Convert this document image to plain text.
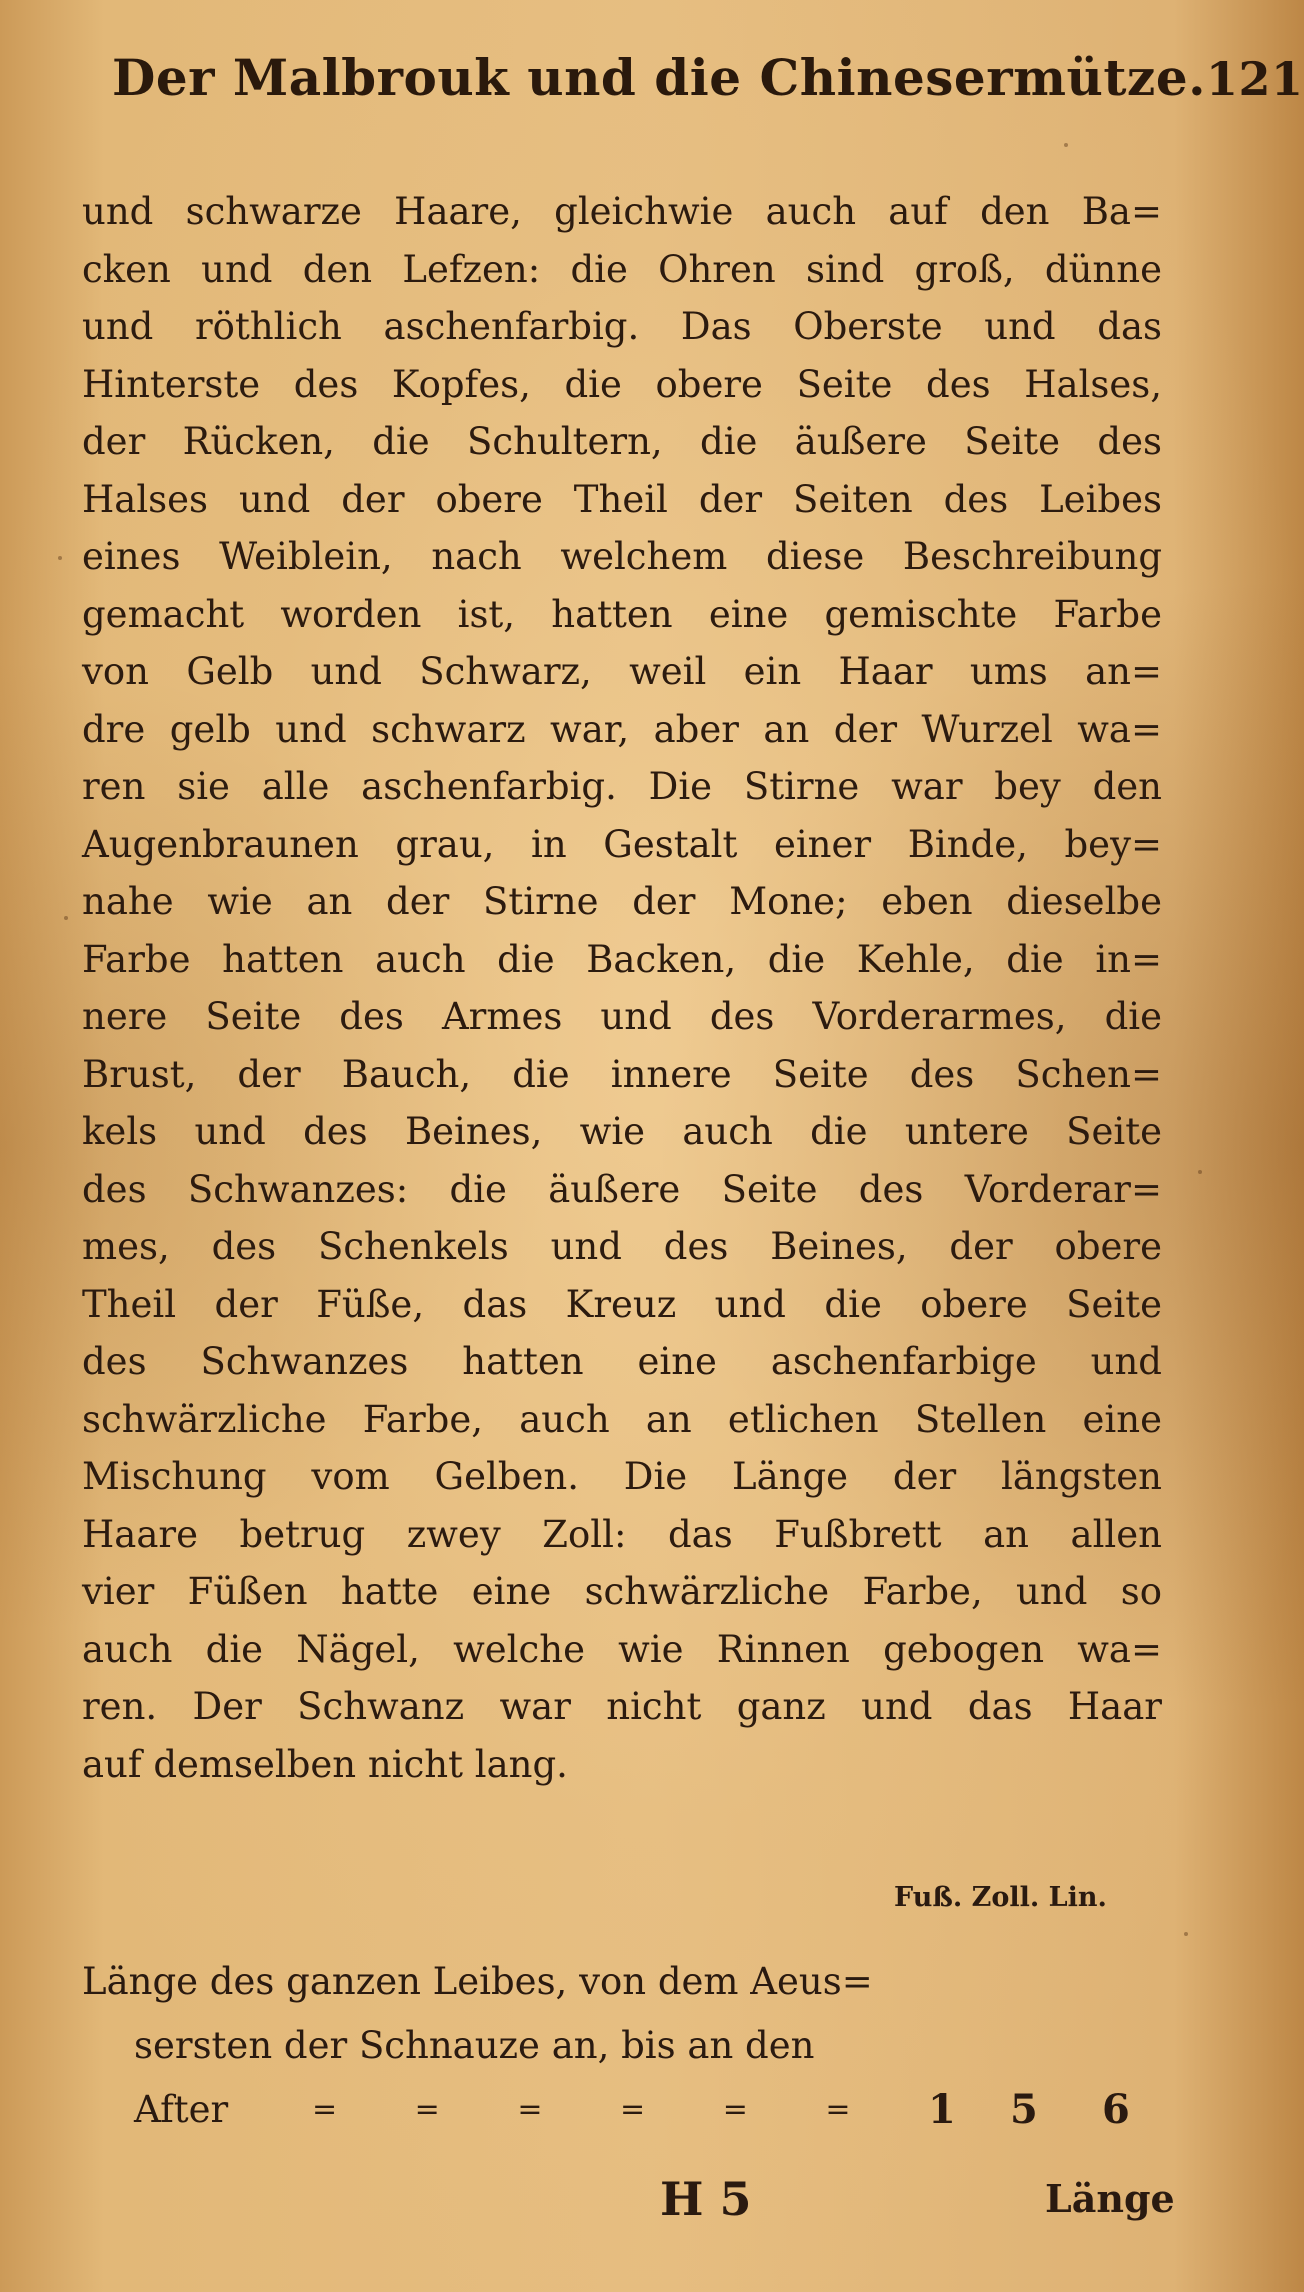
Der Malbrouk und die Chinesermütze. 121
und schwarze Haare, gleichwie auch auf den Ba=
cken und den Lefzen: die Ohren sind groß, dünne
und röthlich aschenfarbig. Das Oberste und das
Hinterste des Kopfes, die obere Seite des Halses,
der Rücken, die Schultern, die äußere Seite des
Halses und der obere Theil der Seiten des Leibes
eines Weiblein, nach welchem diese Beschreibung
gemacht worden ist, hatten eine gemischte Farbe
von Gelb und Schwarz, weil ein Haar ums an=
dre gelb und schwarz war, aber an der Wurzel wa=
ren sie alle aschenfarbig. Die Stirne war bey den
Augenbraunen grau, in Gestalt einer Binde, bey=
nahe wie an der Stirne der Mone; eben dieselbe
Farbe hatten auch die Backen, die Kehle, die in=
nere Seite des Armes und des Vorderarmes, die
Brust, der Bauch, die innere Seite des Schen=
kels und des Beines, wie auch die untere Seite
des Schwanzes: die äußere Seite des Vorderar=
mes, des Schenkels und des Beines, der obere
Theil der Füße, das Kreuz und die obere Seite
des Schwanzes hatten eine aschenfarbige und
schwärzliche Farbe, auch an etlichen Stellen eine
Mischung vom Gelben. Die Länge der längsten
Haare betrug zwey Zoll: das Fußbrett an allen
vier Füßen hatte eine schwärzliche Farbe, und so
auch die Nägel, welche wie Rinnen gebogen wa=
ren. Der Schwanz war nicht ganz und das Haar
auf demselben nicht lang.
Fuß. Zoll. Lin.
Länge des ganzen Leibes, von dem Aeus=
sersten der Schnauze an, bis an den
After	= = = = = = 1 5 6
H 5	Länge
